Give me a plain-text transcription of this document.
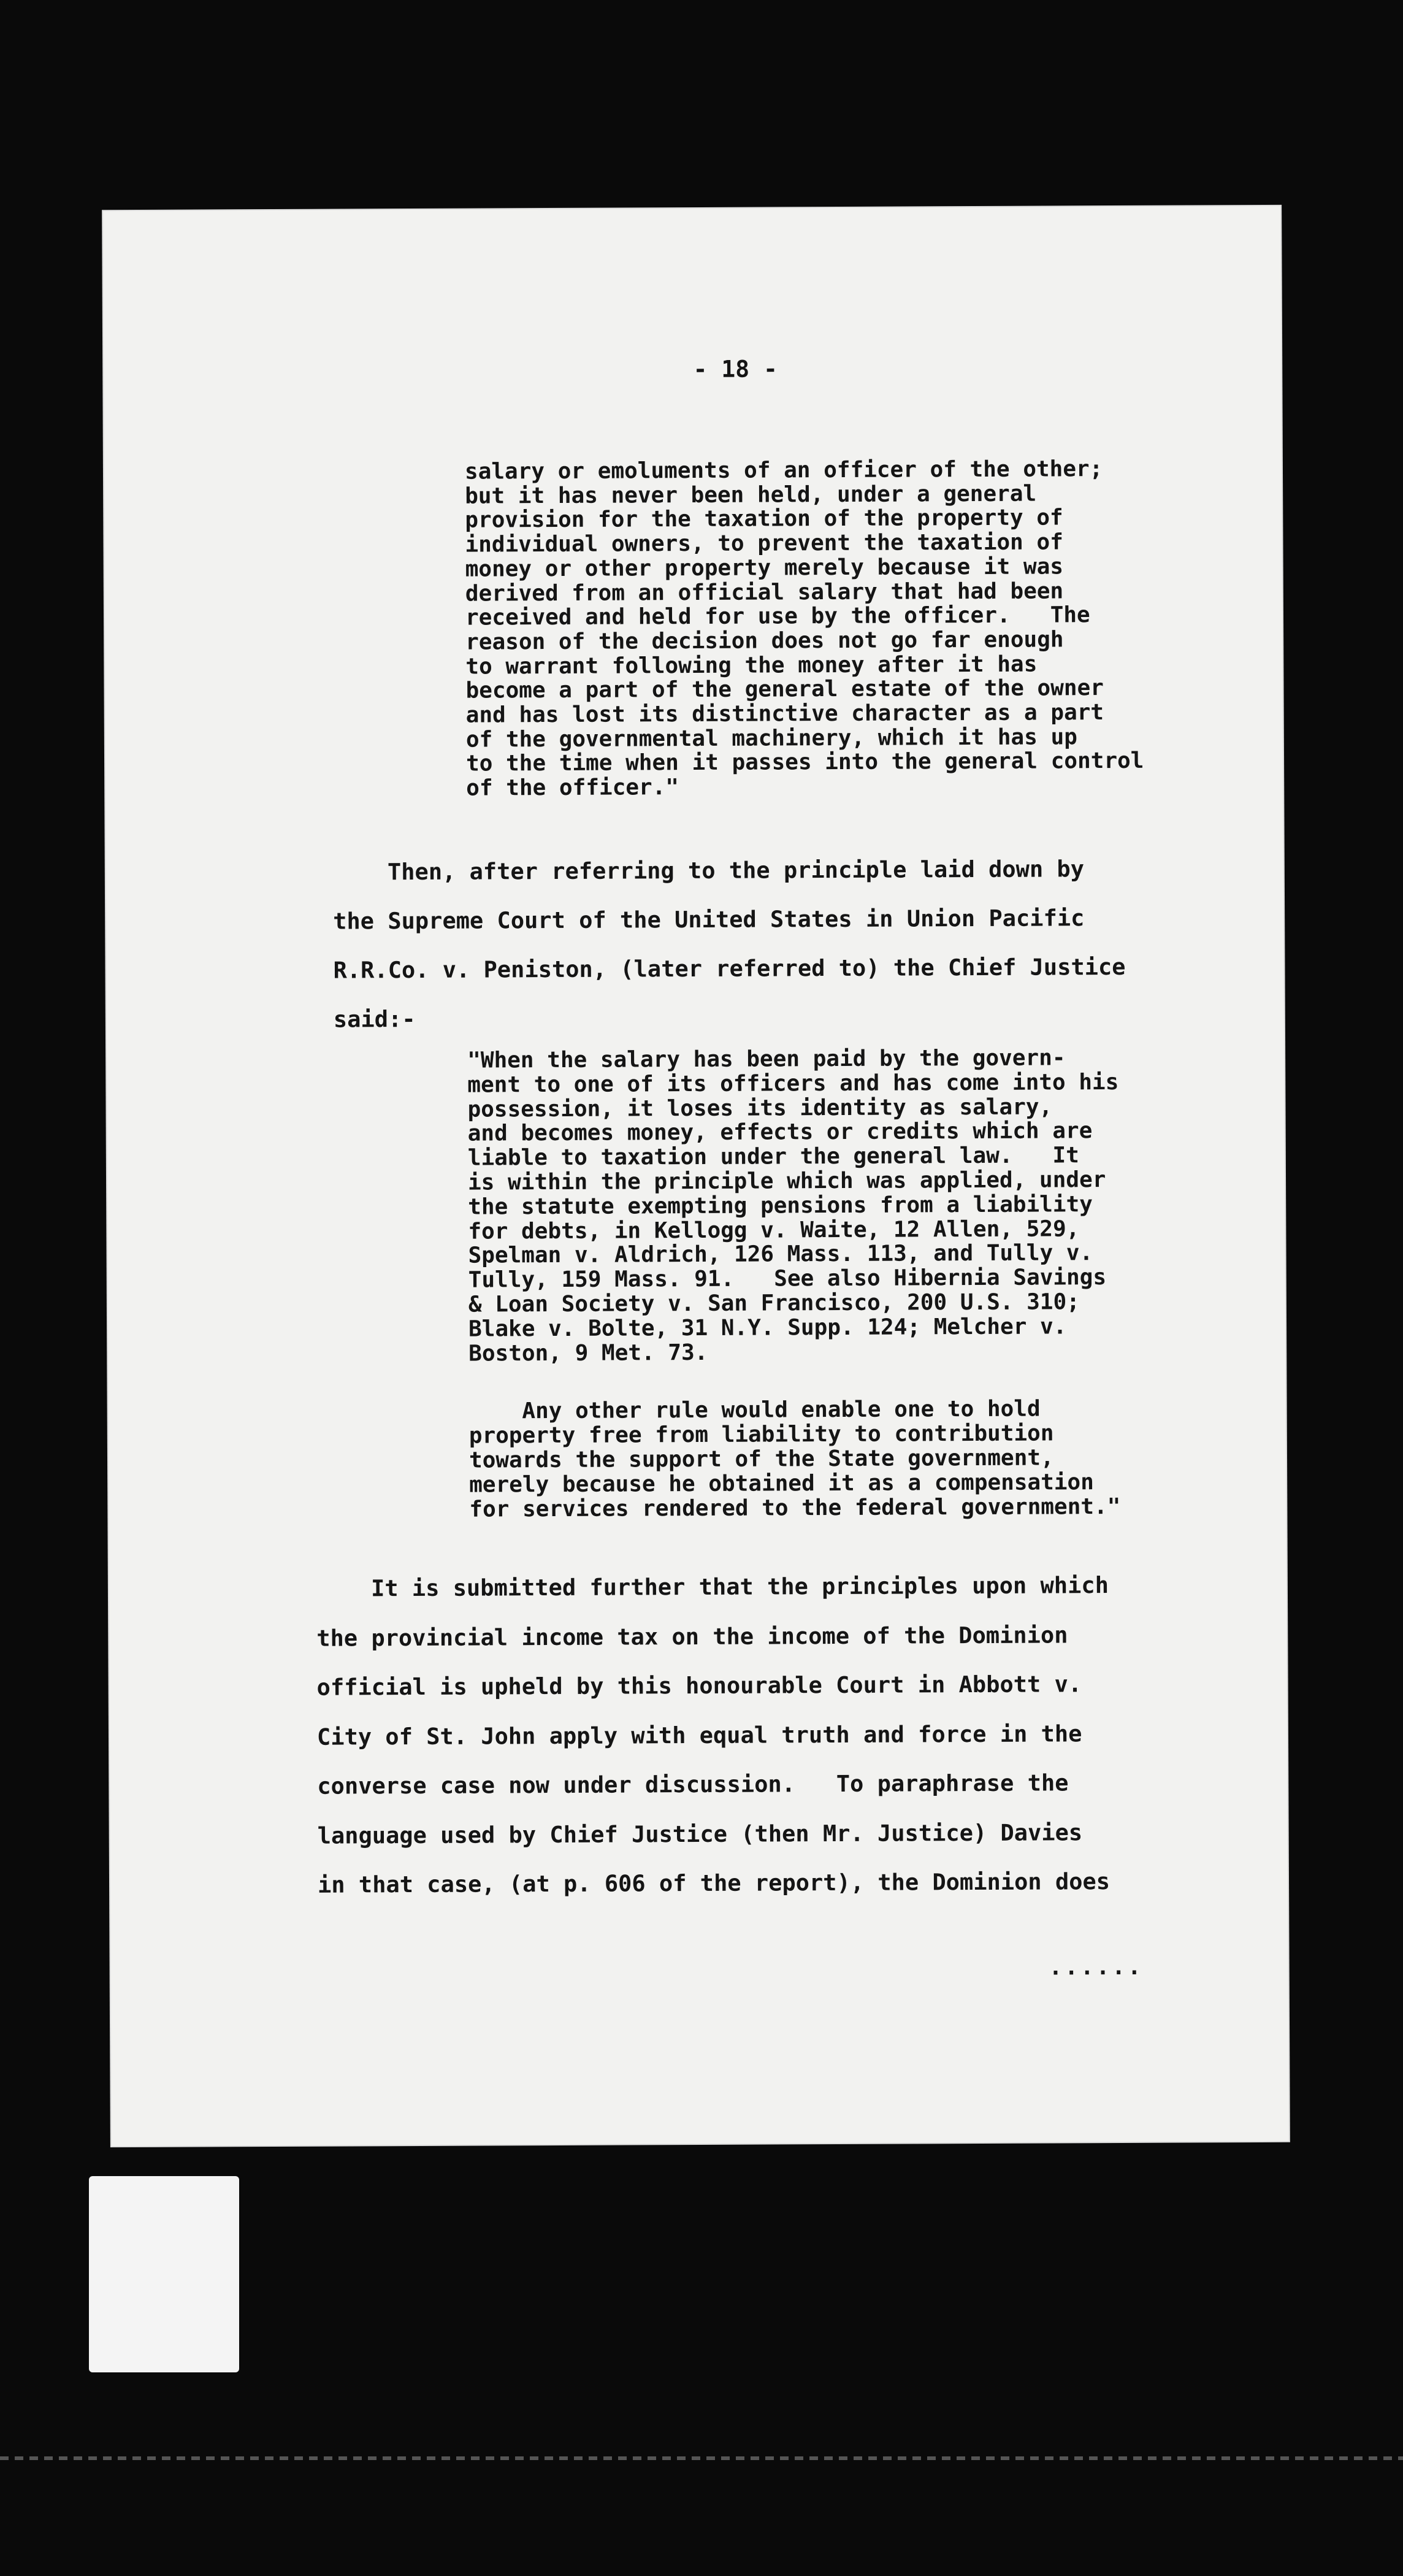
- 18 -
salary or emoluments of an officer of the other;
but it has never been held, under a general
provision for the taxation of the property of
individual owners, to prevent the taxation of
money or other property merely because it was
derived from an official salary that had been
received and held for use by the officer.   The
reason of the decision does not go far enough
to warrant following the money after it has
become a part of the general estate of the owner
and has lost its distinctive character as a part
of the governmental machinery, which it has up
to the time when it passes into the general control
of the officer."
Then, after referring to the principle laid down by
the Supreme Court of the United States in Union Pacific
R.R.Co. v. Peniston, (later referred to) the Chief Justice
said:-
"When the salary has been paid by the govern-
ment to one of its officers and has come into his
possession, it loses its identity as salary,
and becomes money, effects or credits which are
liable to taxation under the general law.   It
is within the principle which was applied, under
the statute exempting pensions from a liability
for debts, in Kellogg v. Waite, 12 Allen, 529,
Spelman v. Aldrich, 126 Mass. 113, and Tully v.
Tully, 159 Mass. 91.   See also Hibernia Savings
& Loan Society v. San Francisco, 200 U.S. 310;
Blake v. Bolte, 31 N.Y. Supp. 124; Melcher v.
Boston, 9 Met. 73.
Any other rule would enable one to hold
property free from liability to contribution
towards the support of the State government,
merely because he obtained it as a compensation
for services rendered to the federal government."
It is submitted further that the principles upon which
the provincial income tax on the income of the Dominion
official is upheld by this honourable Court in Abbott v.
City of St. John apply with equal truth and force in the
converse case now under discussion.   To paraphrase the
language used by Chief Justice (then Mr. Justice) Davies
in that case, (at p. 606 of the report), the Dominion does
......
